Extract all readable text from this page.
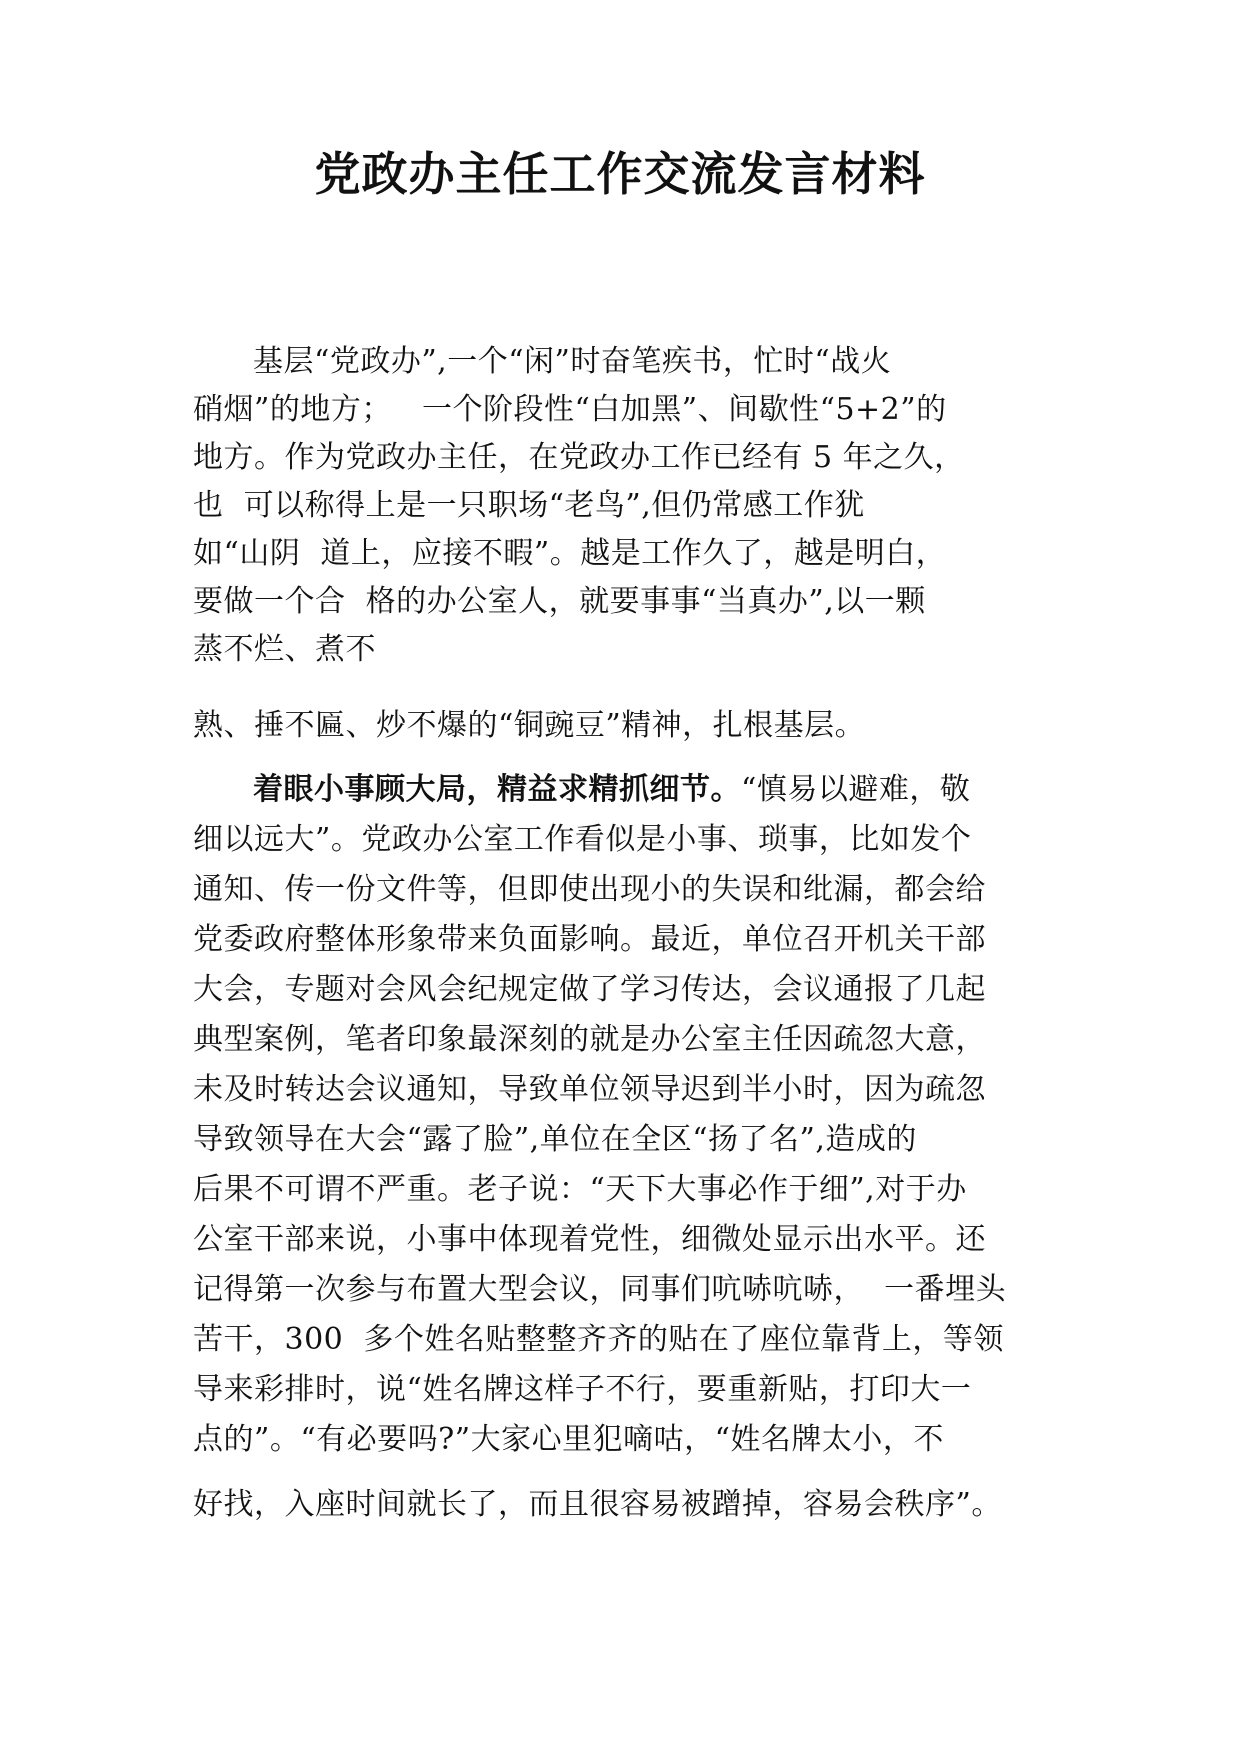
党政办主任工作交流发言材料
基层“党政办”,一个“闲”时奋笔疾书，忙时“战火
硝烟”的地方；   一个阶段性“白加黑”、间歇性“5+2”的
地方。作为党政办主任，在党政办工作已经有 5 年之久，
也  可以称得上是一只职场“老鸟”,但仍常感工作犹
如“山阴  道上，应接不暇”。越是工作久了，越是明白，
要做一个合  格的办公室人，就要事事“当真办”,以一颗
蒸不烂、煮不
熟、捶不匾、炒不爆的“铜豌豆”精神，扎根基层。
着眼小事顾大局，精益求精抓细节。“慎易以避难，敬
细以远大”。党政办公室工作看似是小事、琐事，比如发个
通知、传一份文件等，但即使出现小的失误和纰漏，都会给
党委政府整体形象带来负面影响。最近，单位召开机关干部
大会，专题对会风会纪规定做了学习传达，会议通报了几起
典型案例，笔者印象最深刻的就是办公室主任因疏忽大意，
未及时转达会议通知，导致单位领导迟到半小时，因为疏忽
导致领导在大会“露了脸”,单位在全区“扬了名”,造成的
后果不可谓不严重。老子说：“天下大事必作于细”,对于办
公室干部来说，小事中体现着党性，细微处显示出水平。还
记得第一次参与布置大型会议，同事们吭哧吭哧，  一番埋头
苦干，300  多个姓名贴整整齐齐的贴在了座位靠背上，等领
导来彩排时，说“姓名牌这样子不行，要重新贴，打印大一
点的”。“有必要吗?”大家心里犯嘀咕，“姓名牌太小，不
好找，入座时间就长了，而且很容易被蹭掉，容易会秩序”。
